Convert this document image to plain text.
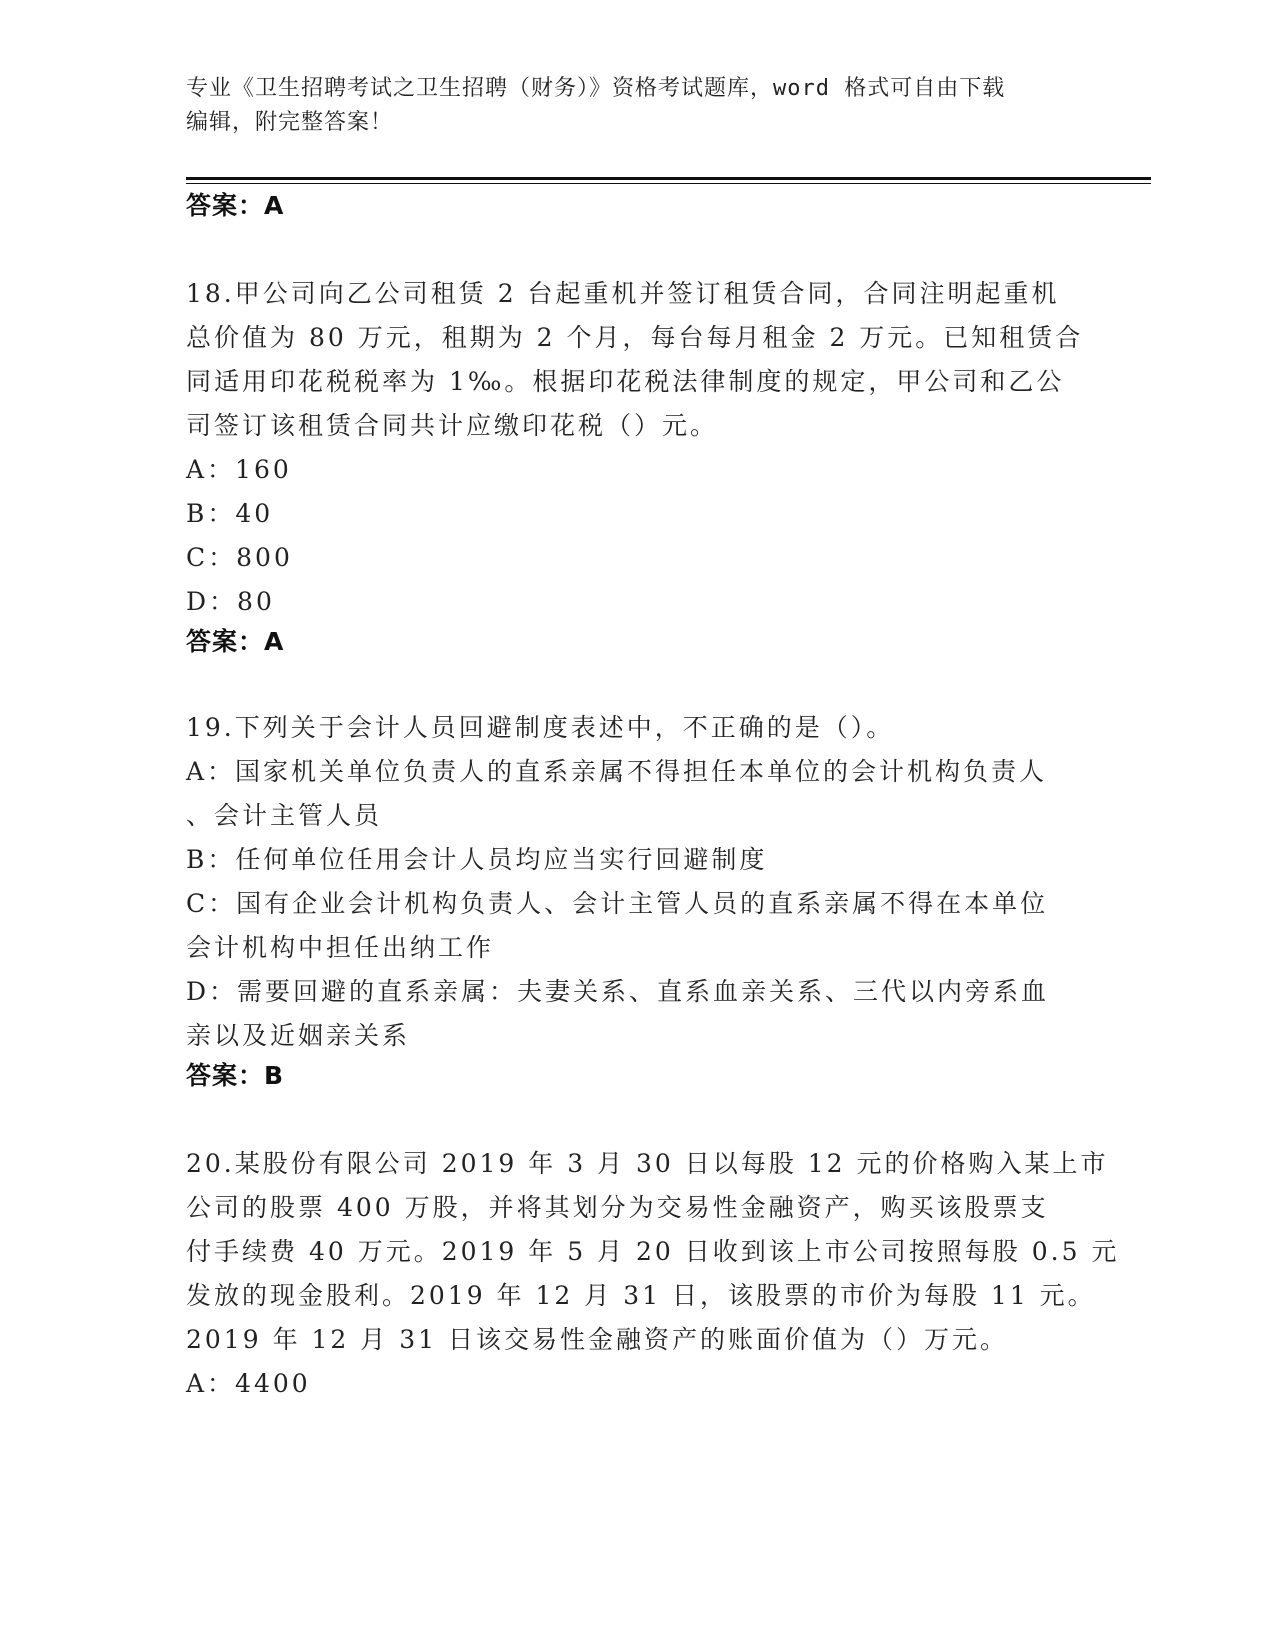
专业《卫生招聘考试之卫生招聘（财务）》资格考试题库，word 格式可自由下载
编辑，附完整答案！
答案：A
18.甲公司向乙公司租赁 2 台起重机并签订租赁合同，合同注明起重机
总价值为 80 万元，租期为 2 个月，每台每月租金 2 万元。已知租赁合
同适用印花税税率为 1‰。根据印花税法律制度的规定，甲公司和乙公
司签订该租赁合同共计应缴印花税（）元。
A：160
B：40
C：800
D：80
答案：A
19.下列关于会计人员回避制度表述中，不正确的是（）。
A：国家机关单位负责人的直系亲属不得担任本单位的会计机构负责人
、会计主管人员
B：任何单位任用会计人员均应当实行回避制度
C：国有企业会计机构负责人、会计主管人员的直系亲属不得在本单位
会计机构中担任出纳工作
D：需要回避的直系亲属：夫妻关系、直系血亲关系、三代以内旁系血
亲以及近姻亲关系
答案：B
20.某股份有限公司 2019 年 3 月 30 日以每股 12 元的价格购入某上市
公司的股票 400 万股，并将其划分为交易性金融资产，购买该股票支
付手续费 40 万元。2019 年 5 月 20 日收到该上市公司按照每股 0.5 元
发放的现金股利。2019 年 12 月 31 日，该股票的市价为每股 11 元。
2019 年 12 月 31 日该交易性金融资产的账面价值为（）万元。
A：4400
